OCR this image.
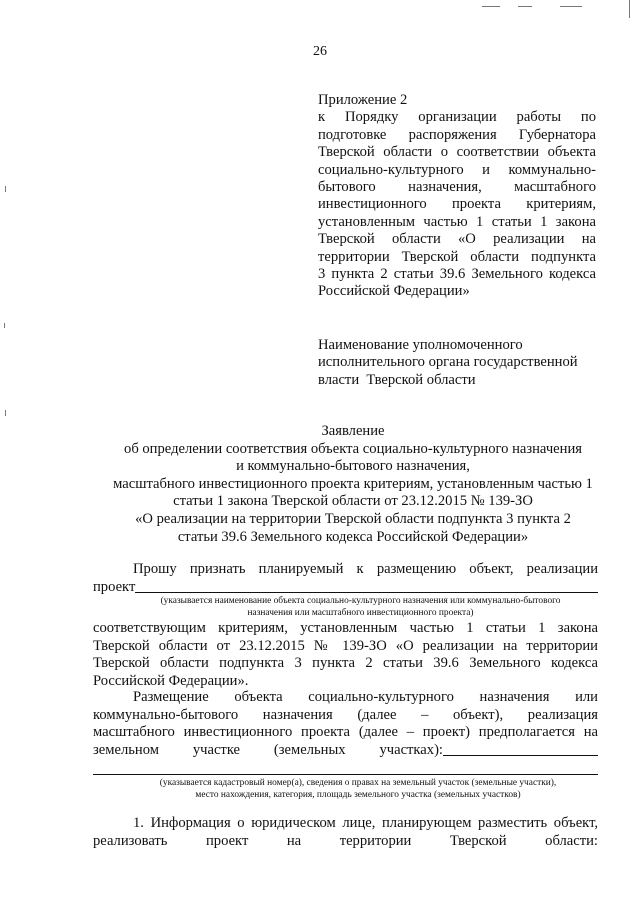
26
Приложение 2
к Порядку организации работы по
подготовке распоряжения Губернатора
Тверской области о соответствии объекта
социально-культурного и коммунально-
бытового назначения, масштабного
инвестиционного проекта критериям,
установленным частью 1 статьи 1 закона
Тверской области «О реализации на
территории Тверской области подпункта
3 пункта 2 статьи 39.6 Земельного кодекса
Российской Федерации»
Наименование уполномоченного
исполнительного органа государственной
власти  Тверской области
Заявление
об определении соответствия объекта социально-культурного назначения
и коммунально-бытового назначения,
масштабного инвестиционного проекта критериям, установленным частью 1
статьи 1 закона Тверской области от 23.12.2015 № 139-ЗО
«О реализации на территории Тверской области подпункта 3 пункта 2
статьи 39.6 Земельного кодекса Российской Федерации»
Прошу признать планируемый к размещению объект, реализации
проект
(указывается наименование объекта социально-культурного назначения или коммунально-бытового
назначения или масштабного инвестиционного проекта)
соответствующим критериям, установленным частью 1 статьи 1 закона
Тверской области от 23.12.2015 № 139-ЗО «О реализации на территории
Тверской области подпункта 3 пункта 2 статьи 39.6 Земельного кодекса
Российской Федерации».
Размещение объекта социально-культурного назначения или
коммунально-бытового назначения (далее – объект), реализация
масштабного инвестиционного проекта (далее – проект) предполагается на
земельном участке (земельных участках):
(указывается кадастровый номер(а), сведения о правах на земельный участок (земельные участки),
место нахождения, категория, площадь земельного участка (земельных участков)
1. Информация о юридическом лице, планирующем разместить объект,
реализовать проект на территории Тверской области:
